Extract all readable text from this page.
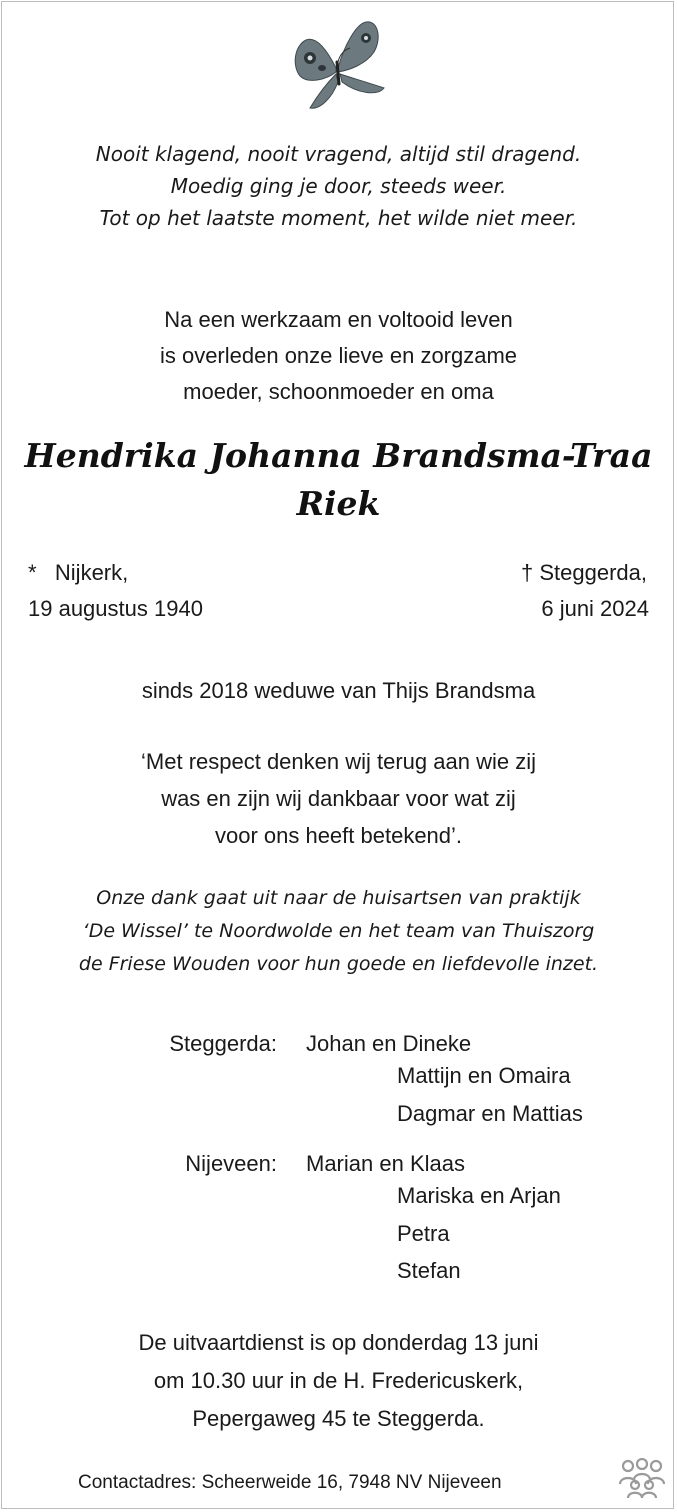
Nooit klagend, nooit vragend, altijd stil dragend.
Moedig ging je door, steeds weer.
Tot op het laatste moment, het wilde niet meer.
Na een werkzaam en voltooid leven
is overleden onze lieve en zorgzame
moeder, schoonmoeder en oma
Hendrika Johanna Brandsma-Traa
Riek
* Nijkerk,
19 augustus 1940
† Steggerda,
6 juni 2024
sinds 2018 weduwe van Thijs Brandsma
‘Met respect denken wij terug aan wie zij
was en zijn wij dankbaar voor wat zij
voor ons heeft betekend’.
Onze dank gaat uit naar de huisartsen van praktijk
‘De Wissel’ te Noordwolde en het team van Thuiszorg
de Friese Wouden voor hun goede en liefdevolle inzet.
Steggerda: Johan en Dineke
Mattijn en Omaira
Dagmar en Mattias
Nijeveen: Marian en Klaas
Mariska en Arjan
Petra
Stefan
De uitvaartdienst is op donderdag 13 juni
om 10.30 uur in de H. Fredericuskerk,
Pepergaweg 45 te Steggerda.
Contactadres: Scheerweide 16, 7948 NV Nijeveen
